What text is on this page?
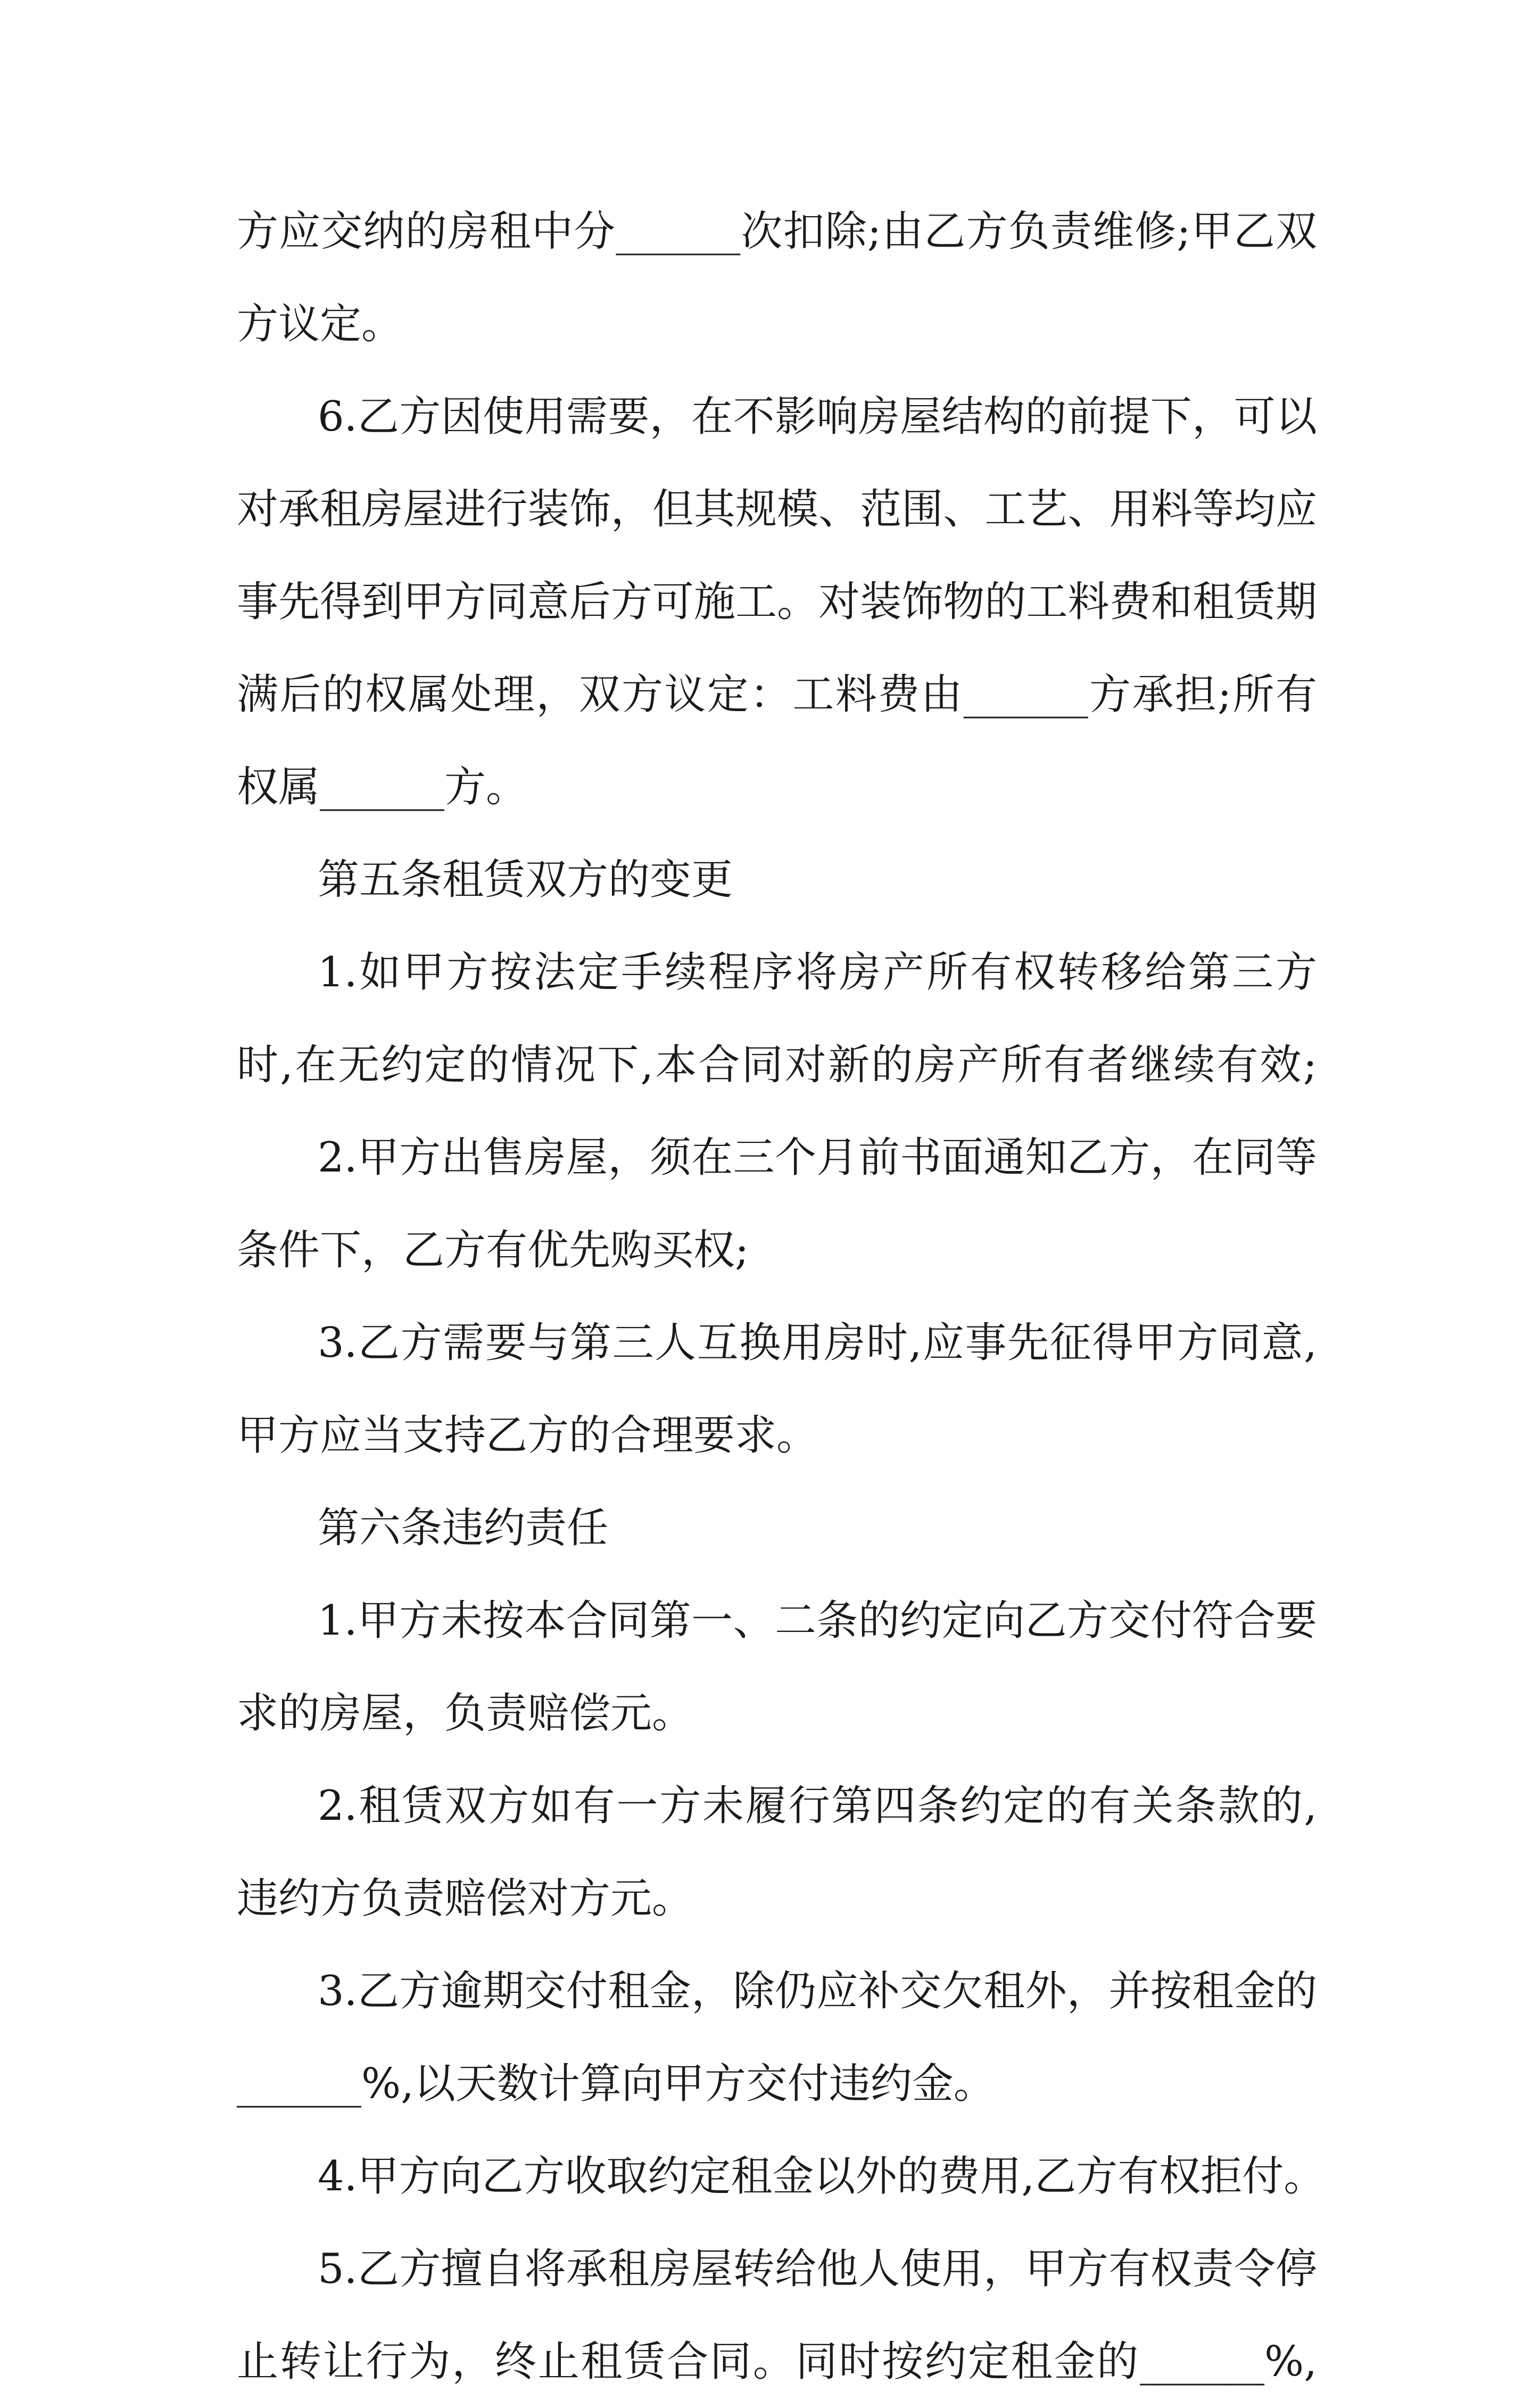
方应交纳的房租中分______次扣除;由乙方负责维修;甲乙双
方议定。
6.乙方因使用需要，在不影响房屋结构的前提下，可以
对承租房屋进行装饰，但其规模、范围、工艺、用料等均应
事先得到甲方同意后方可施工。对装饰物的工料费和租赁期
满后的权属处理，双方议定：工料费由______方承担;所有
权属______方。
第五条租赁双方的变更
1.如甲方按法定手续程序将房产所有权转移给第三方
时,在无约定的情况下,本合同对新的房产所有者继续有效;
2.甲方出售房屋，须在三个月前书面通知乙方，在同等
条件下，乙方有优先购买权;
3.乙方需要与第三人互换用房时,应事先征得甲方同意,
甲方应当支持乙方的合理要求。
第六条违约责任
1.甲方未按本合同第一、二条的约定向乙方交付符合要
求的房屋，负责赔偿元。
2.租赁双方如有一方未履行第四条约定的有关条款的,
违约方负责赔偿对方元。
3.乙方逾期交付租金，除仍应补交欠租外，并按租金的
______%,以天数计算向甲方交付违约金。
4.甲方向乙方收取约定租金以外的费用,乙方有权拒付。
5.乙方擅自将承租房屋转给他人使用，甲方有权责令停
止转让行为，终止租赁合同。同时按约定租金的______%,
